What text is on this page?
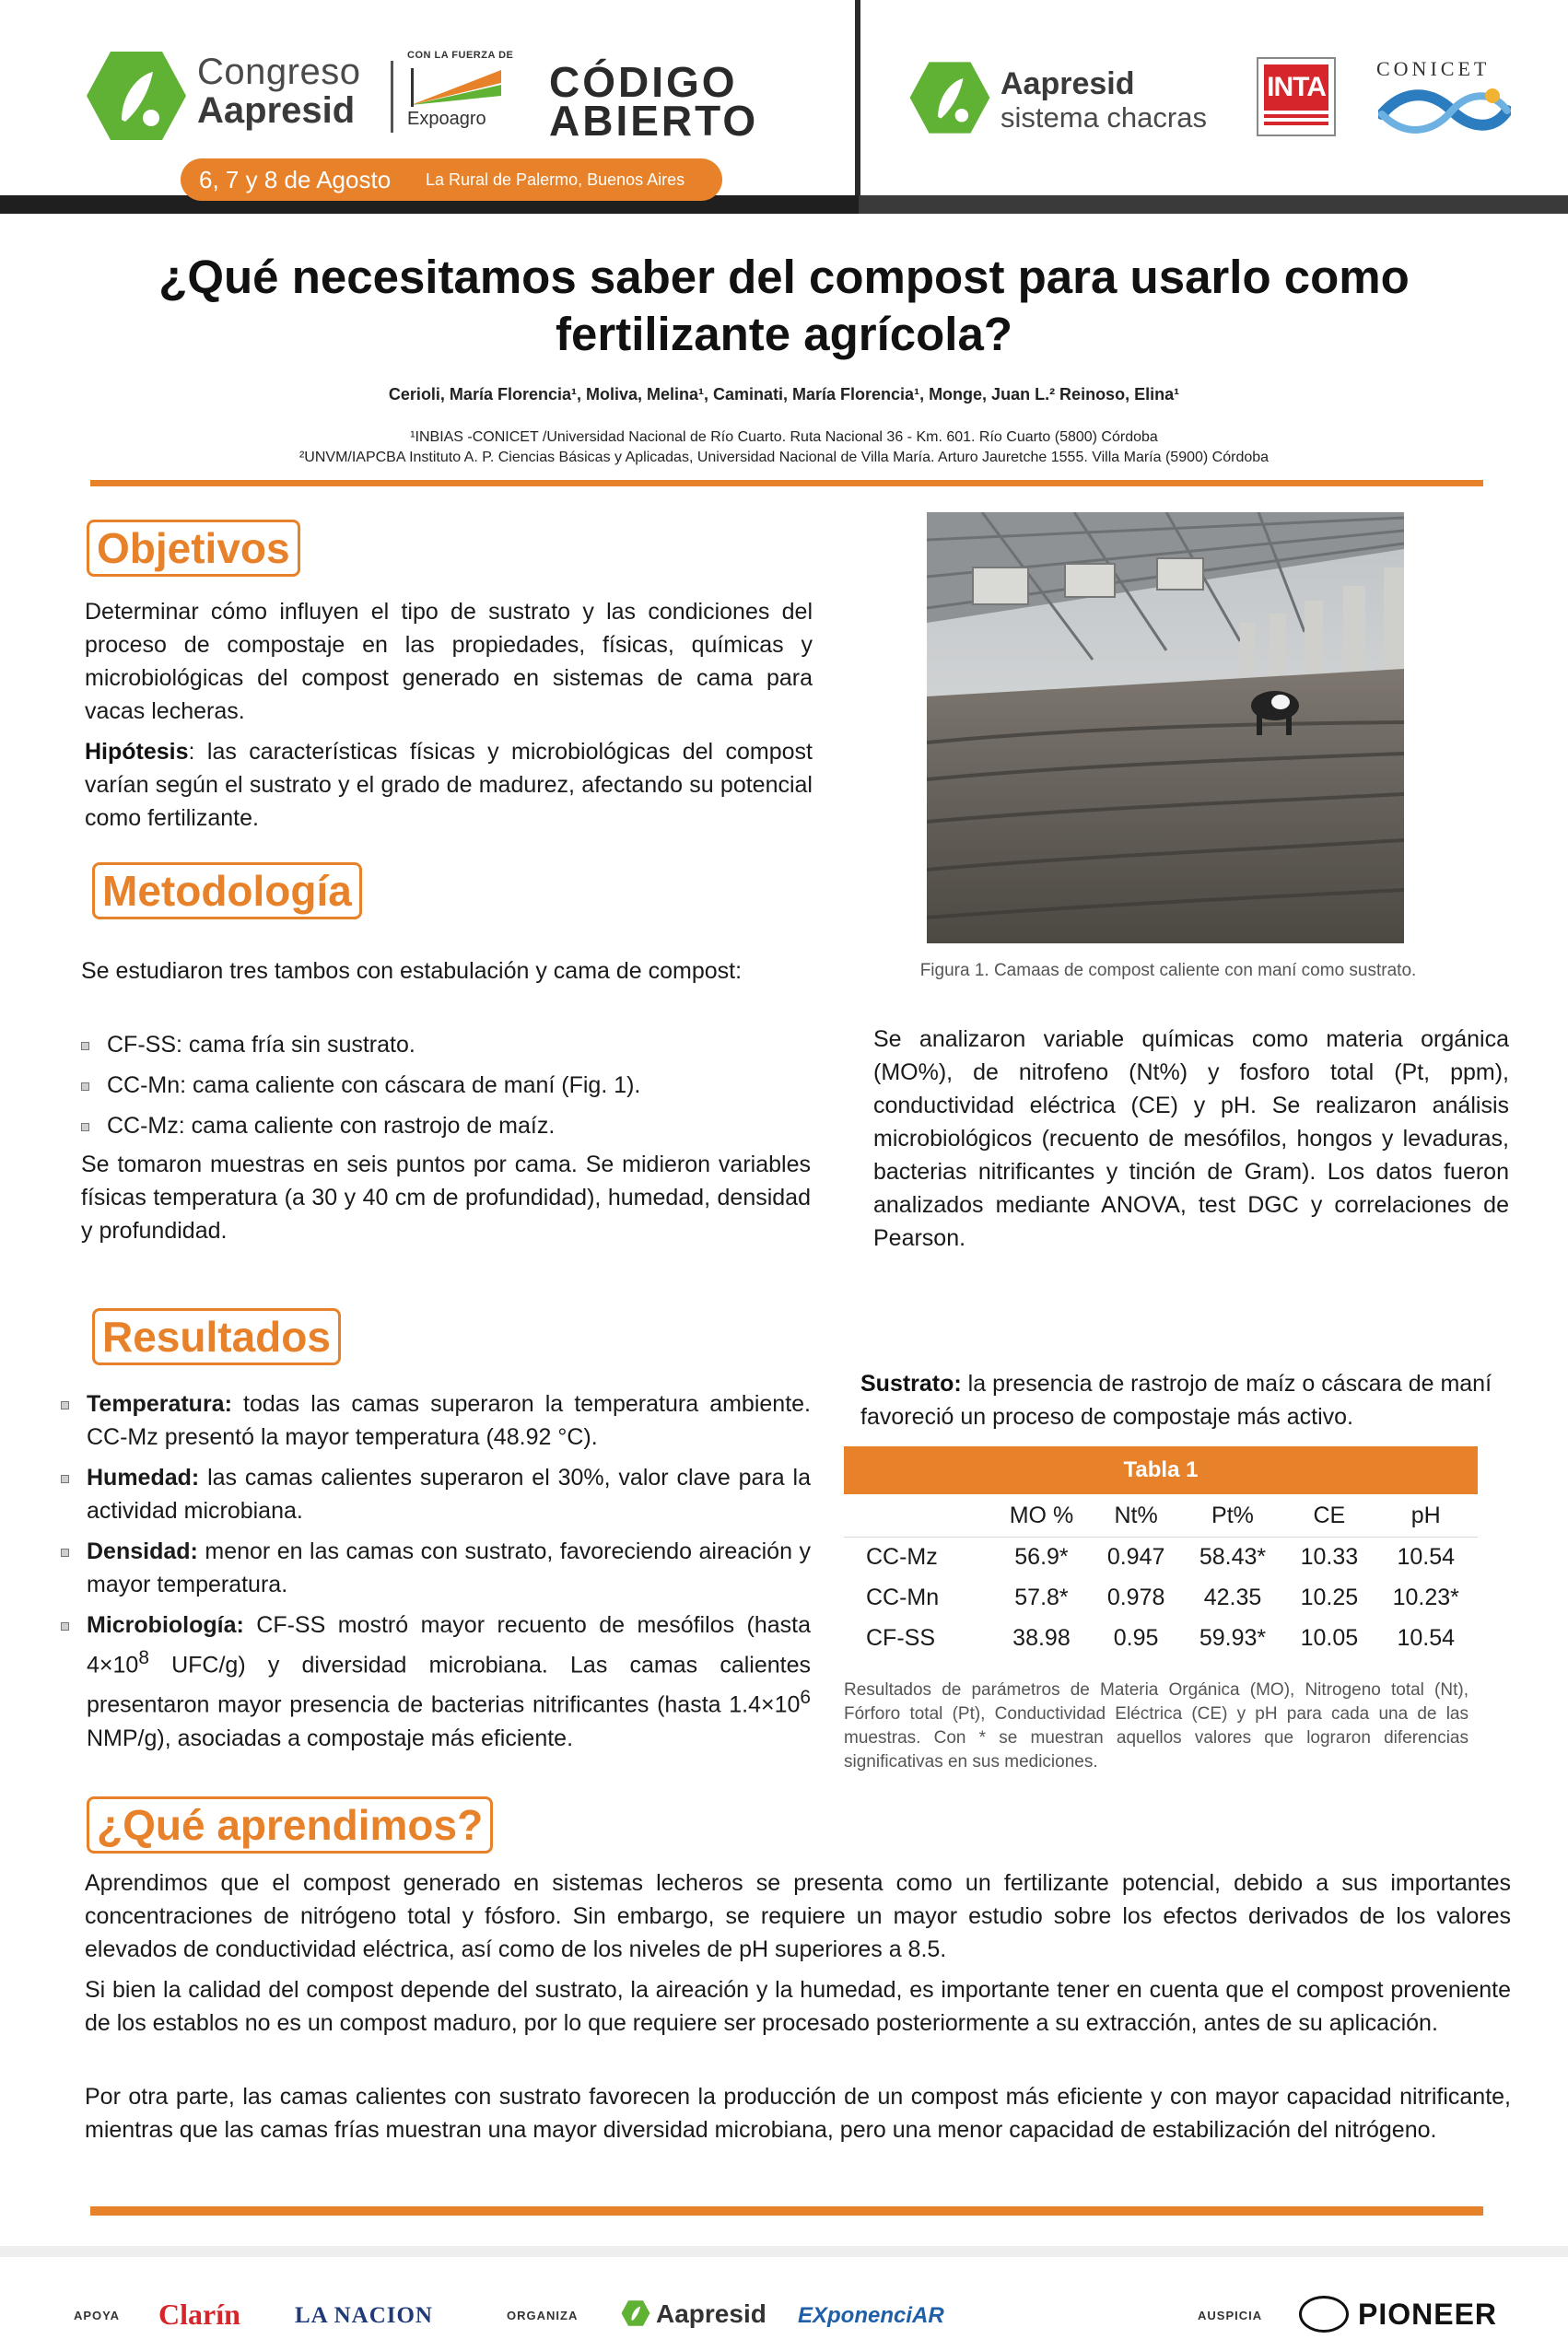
Congreso
Aapresid
CON LA FUERZA DE
Expoagro
CÓDIGO
ABIERTO
6, 7 y 8 de Agosto La Rural de Palermo, Buenos Aires
Aapresid
sistema chacras
INTA
CONICET
¿Qué necesitamos saber del compost para usarlo como
fertilizante agrícola?
Cerioli, María Florencia¹, Moliva, Melina¹, Caminati, María Florencia¹, Monge, Juan L.² Reinoso, Elina¹
¹INBIAS -CONICET /Universidad Nacional de Río Cuarto. Ruta Nacional 36 - Km. 601. Río Cuarto (5800) Córdoba
²UNVM/IAPCBA Instituto A. P. Ciencias Básicas y Aplicadas, Universidad Nacional de Villa María. Arturo Jauretche 1555. Villa María (5900) Córdoba
Objetivos
Determinar cómo influyen el tipo de sustrato y las condiciones del proceso de compostaje en las propiedades, físicas, químicas y microbiológicas del compost generado en sistemas de cama para vacas lecheras.
Hipótesis: las características físicas y microbiológicas del compost varían según el sustrato y el grado de madurez, afectando su potencial como fertilizante.
Figura 1. Camaas de compost caliente con maní como sustrato.
Metodología
Se estudiaron tres tambos con estabulación y cama de compost:
CF-SS: cama fría sin sustrato.
CC-Mn: cama caliente con cáscara de maní (Fig. 1).
CC-Mz: cama caliente con rastrojo de maíz.
Se tomaron muestras en seis puntos por cama. Se midieron variables físicas temperatura (a 30 y 40 cm de profundidad), humedad, densidad y profundidad.
Se analizaron variable químicas como materia orgánica (MO%), de nitrofeno (Nt%) y fosforo total (Pt, ppm), conductividad eléctrica (CE) y pH. Se realizaron análisis microbiológicos (recuento de mesófilos, hongos y levaduras, bacterias nitrificantes y tinción de Gram). Los datos fueron analizados mediante ANOVA, test DGC y correlaciones de Pearson.
Resultados
Temperatura: todas las camas superaron la temperatura ambiente. CC-Mz presentó la mayor temperatura (48.92 °C).
Humedad: las camas calientes superaron el 30%, valor clave para la actividad microbiana.
Densidad: menor en las camas con sustrato, favoreciendo aireación y mayor temperatura.
Microbiología: CF-SS mostró mayor recuento de mesófilos (hasta $4\times 10^8$ UFC/g) y diversidad microbiana. Las camas calientes presentaron mayor presencia de bacterias nitrificantes (hasta $1.4\times 10^6$ NMP/g), asociadas a compostaje más eficiente.
Sustrato: la presencia de rastrojo de maíz o cáscara de maní favoreció un proceso de compostaje más activo.
Tabla 1
	MO %	Nt%	Pt%	CE	pH
CC-Mz	56.9*	0.947	58.43*	10.33	10.54
CC-Mn	57.8*	0.978	42.35	10.25	10.23*
CF-SS	38.98	0.95	59.93*	10.05	10.54
Resultados de parámetros de Materia Orgánica (MO), Nitrogeno total (Nt), Fórforo total (Pt), Conductividad Eléctrica (CE) y pH para cada una de las muestras. Con * se muestran aquellos valores que lograron diferencias significativas en sus mediciones.
¿Qué aprendimos?
Aprendimos que el compost generado en sistemas lecheros se presenta como un fertilizante potencial, debido a sus importantes concentraciones de nitrógeno total y fósforo. Sin embargo, se requiere un mayor estudio sobre los efectos derivados de los valores elevados de conductividad eléctrica, así como de los niveles de pH superiores a 8.5.
Si bien la calidad del compost depende del sustrato, la aireación y la humedad, es importante tener en cuenta que el compost proveniente de los establos no es un compost maduro, por lo que requiere ser procesado posteriormente a su extracción, antes de su aplicación.
Por otra parte, las camas calientes con sustrato favorecen la producción de un compost más eficiente y con mayor capacidad nitrificante, mientras que las camas frías muestran una mayor diversidad microbiana, pero una menor capacidad de estabilización del nitrógeno.
APOYA Clarín LA NACION	ORGANIZA	Aapresid EXponenciAR	AUSPICIA	PIONEER
